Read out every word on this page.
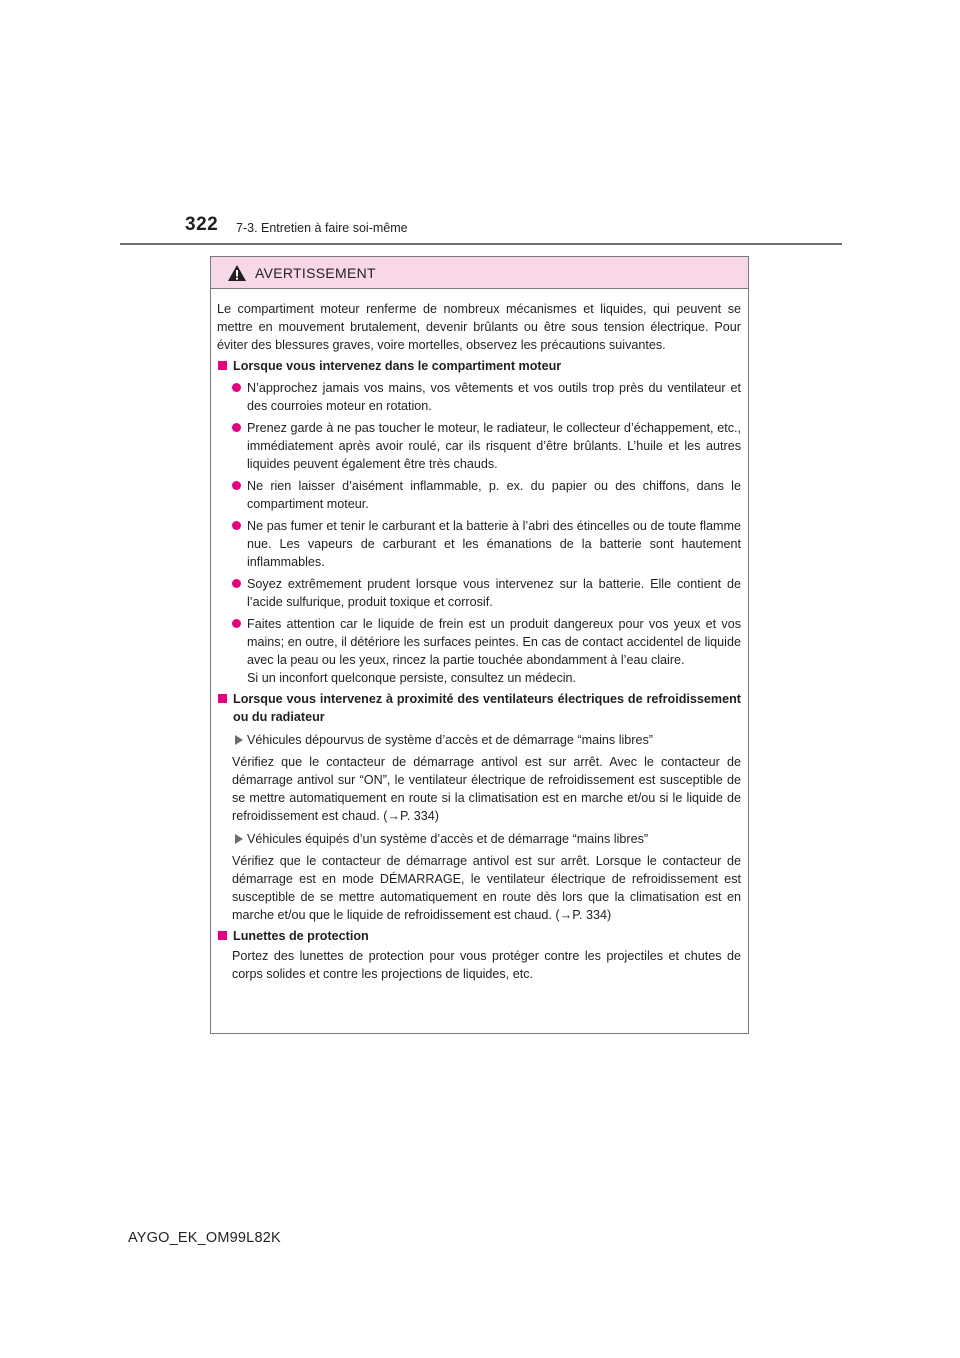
322 7-3. Entretien à faire soi-même
AVERTISSEMENT

Le compartiment moteur renferme de nombreux mécanismes et liquides, qui peuvent se mettre en mouvement brutalement, devenir brûlants ou être sous tension électrique. Pour éviter des blessures graves, voire mortelles, observez les précautions suivantes.

Lorsque vous intervenez dans le compartiment moteur
N’approchez jamais vos mains, vos vêtements et vos outils trop près du ventilateur et des courroies moteur en rotation.
Prenez garde à ne pas toucher le moteur, le radiateur, le collecteur d’échappement, etc., immédiatement après avoir roulé, car ils risquent d’être brûlants. L’huile et les autres liquides peuvent également être très chauds.
Ne rien laisser d’aisément inflammable, p. ex. du papier ou des chiffons, dans le compartiment moteur.
Ne pas fumer et tenir le carburant et la batterie à l’abri des étincelles ou de toute flamme nue. Les vapeurs de carburant et les émanations de la batterie sont hautement inflammables.
Soyez extrêmement prudent lorsque vous intervenez sur la batterie. Elle contient de l’acide sulfurique, produit toxique et corrosif.
Faites attention car le liquide de frein est un produit dangereux pour vos yeux et vos mains; en outre, il détériore les surfaces peintes. En cas de contact accidentel de liquide avec la peau ou les yeux, rincez la partie touchée abondamment à l’eau claire.
Si un inconfort quelconque persiste, consultez un médecin.
Lorsque vous intervenez à proximité des ventilateurs électriques de refroidissement ou du radiateur
Véhicules dépourvus de système d’accès et de démarrage “mains libres”
Vérifiez que le contacteur de démarrage antivol est sur arrêt. Avec le contacteur de démarrage antivol sur “ON”, le ventilateur électrique de refroidissement est susceptible de se mettre automatiquement en route si la climatisation est en marche et/ou si le liquide de refroidissement est chaud. (→P. 334)
Véhicules équipés d’un système d’accès et de démarrage “mains libres”
Vérifiez que le contacteur de démarrage antivol est sur arrêt. Lorsque le contacteur de démarrage est en mode DÉMARRAGE, le ventilateur électrique de refroidissement est susceptible de se mettre automatiquement en route dès lors que la climatisation est en marche et/ou que le liquide de refroidissement est chaud. (→P. 334)
Lunettes de protection
Portez des lunettes de protection pour vous protéger contre les projectiles et chutes de corps solides et contre les projections de liquides, etc.
AYGO_EK_OM99L82K
